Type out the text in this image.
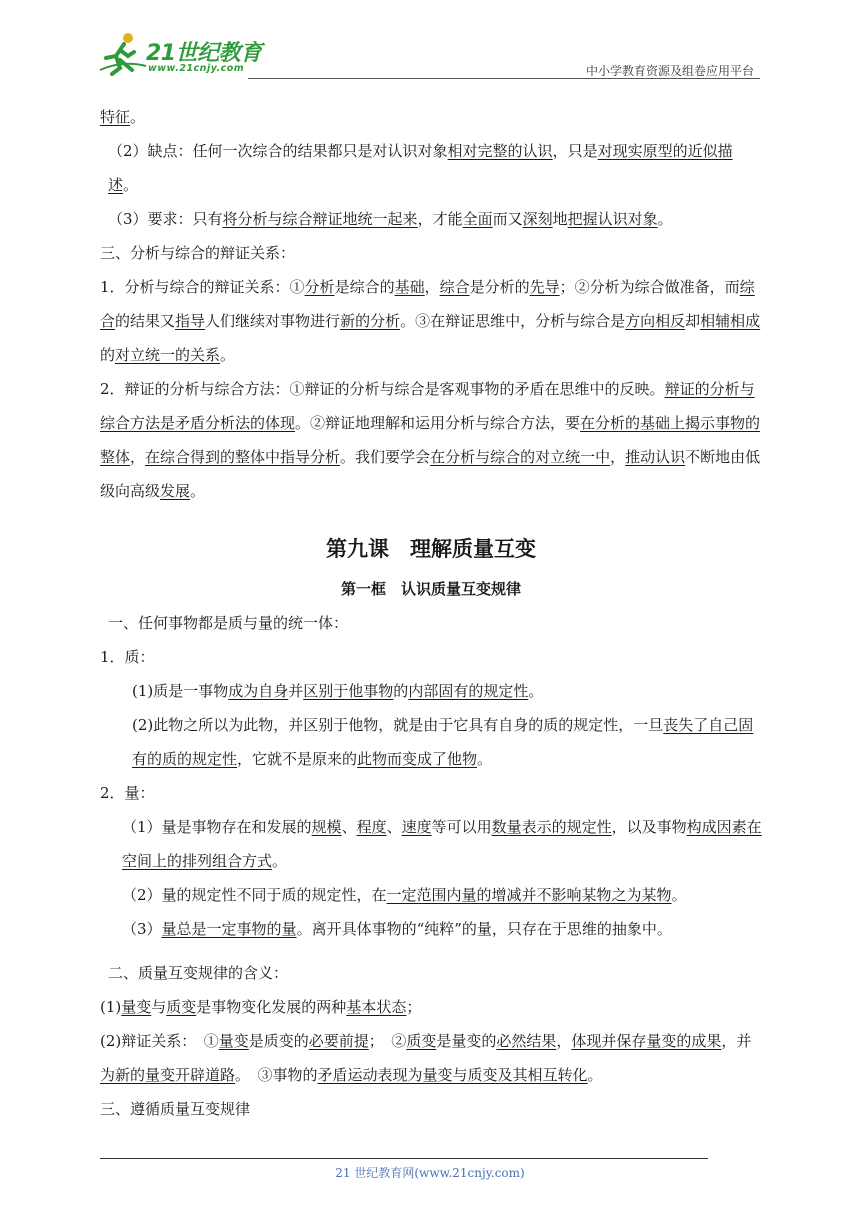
21世纪教育
www.21cnjy.com	中小学教育资源及组卷应用平台

特征。

（2）缺点：任何一次综合的结果都只是对认识对象相对完整的认识，只是对现实原型的近似描述。

（3）要求：只有将分析与综合辩证地统一起来，才能全面而又深刻地把握认识对象。

三、分析与综合的辩证关系：

1．分析与综合的辩证关系：①分析是综合的基础，综合是分析的先导；②分析为综合做准备，而综合的结果又指导人们继续对事物进行新的分析。③在辩证思维中，分析与综合是方向相反却相辅相成的对立统一的关系。

2．辩证的分析与综合方法：①辩证的分析与综合是客观事物的矛盾在思维中的反映。辩证的分析与综合方法是矛盾分析法的体现。②辩证地理解和运用分析与综合方法，要在分析的基础上揭示事物的整体，在综合得到的整体中指导分析。我们要学会在分析与综合的对立统一中，推动认识不断地由低级向高级发展。

第九课　理解质量互变

第一框　认识质量互变规律

一、任何事物都是质与量的统一体：

1．质：

(1)质是一事物成为自身并区别于他事物的内部固有的规定性。

(2)此物之所以为此物，并区别于他物，就是由于它具有自身的质的规定性，一旦丧失了自己固有的质的规定性，它就不是原来的此物而变成了他物。

2．量：

（1）量是事物存在和发展的规模、程度、速度等可以用数量表示的规定性，以及事物构成因素在空间上的排列组合方式。

（2）量的规定性不同于质的规定性，在一定范围内量的增减并不影响某物之为某物。

（3）量总是一定事物的量。离开具体事物的“纯粹”的量，只存在于思维的抽象中。

二、质量互变规律的含义：

(1)量变与质变是事物变化发展的两种基本状态；

(2)辩证关系：　①量变是质变的必要前提；　②质变是量变的必然结果，体现并保存量变的成果，并为新的量变开辟道路。　③事物的矛盾运动表现为量变与质变及其相互转化。

三、遵循质量互变规律

21 世纪教育网(www.21cnjy.com)
